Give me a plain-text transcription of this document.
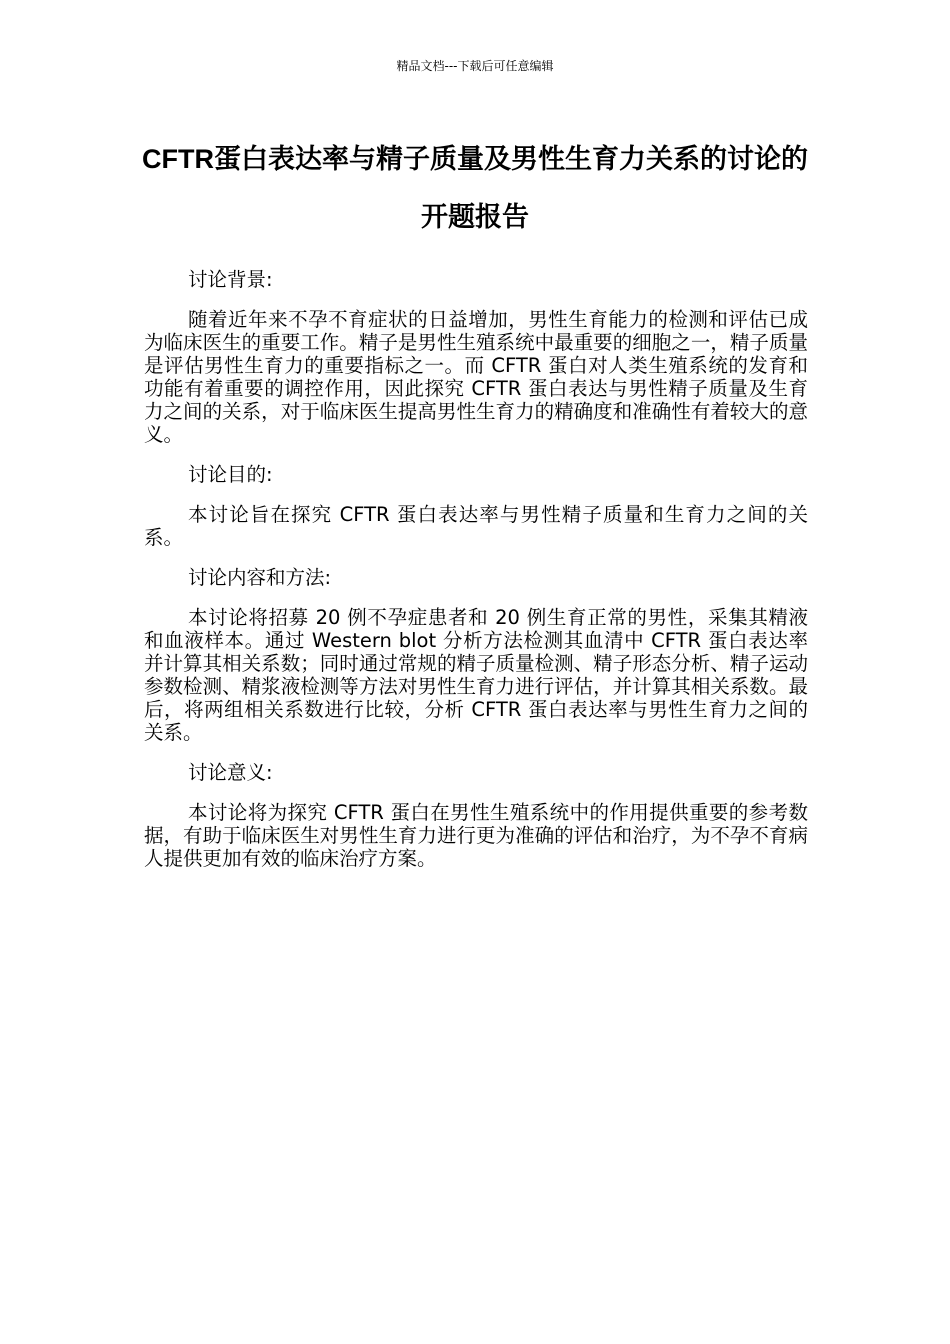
精品文档---下载后可任意编辑
CFTR蛋白表达率与精子质量及男性生育力关系的讨论的开题报告

讨论背景:

随着近年来不孕不育症状的日益增加，男性生育能力的检测和评估已成为临床医生的重要工作。精子是男性生殖系统中最重要的细胞之一，精子质量是评估男性生育力的重要指标之一。而 CFTR 蛋白对人类生殖系统的发育和功能有着重要的调控作用，因此探究 CFTR 蛋白表达与男性精子质量及生育力之间的关系，对于临床医生提高男性生育力的精确度和准确性有着较大的意义。

讨论目的:

本讨论旨在探究 CFTR 蛋白表达率与男性精子质量和生育力之间的关系。

讨论内容和方法:

本讨论将招募 20 例不孕症患者和 20 例生育正常的男性，采集其精液和血液样本。通过 Western blot 分析方法检测其血清中 CFTR 蛋白表达率并计算其相关系数；同时通过常规的精子质量检测、精子形态分析、精子运动参数检测、精浆液检测等方法对男性生育力进行评估，并计算其相关系数。最后，将两组相关系数进行比较，分析 CFTR 蛋白表达率与男性生育力之间的关系。

讨论意义:

本讨论将为探究 CFTR 蛋白在男性生殖系统中的作用提供重要的参考数据，有助于临床医生对男性生育力进行更为准确的评估和治疗，为不孕不育病人提供更加有效的临床治疗方案。
